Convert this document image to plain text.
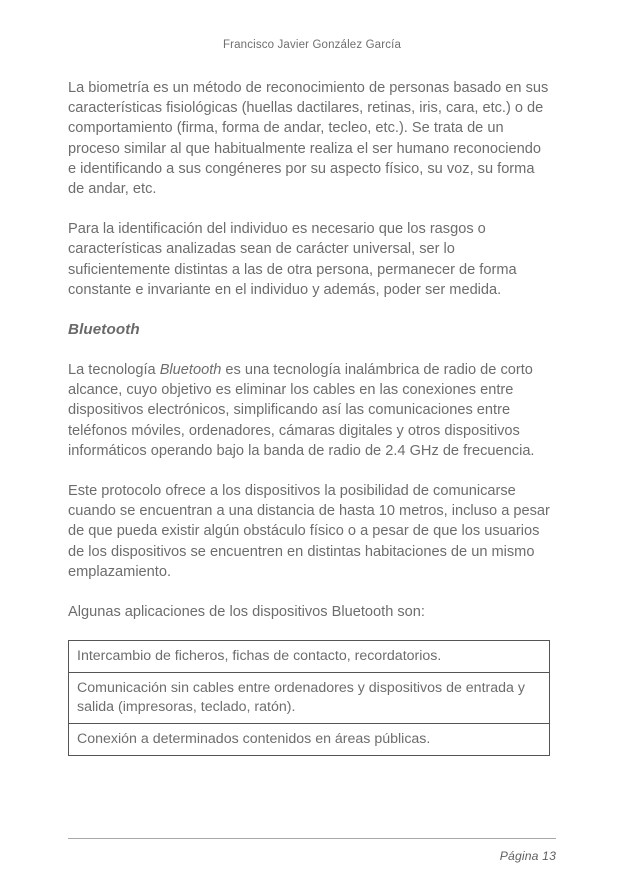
Francisco Javier González García

La biometría es un método de reconocimiento de personas basado en sus características fisiológicas (huellas dactilares, retinas, iris, cara, etc.) o de comportamiento (firma, forma de andar, tecleo, etc.). Se trata de un proceso similar al que habitualmente realiza el ser humano reconociendo e identificando a sus congéneres por su aspecto físico, su voz, su forma de andar, etc.

Para la identificación del individuo es necesario que los rasgos o características analizadas sean de carácter universal, ser lo suficientemente distintas a las de otra persona, permanecer de forma constante e invariante en el individuo y además, poder ser medida.

Bluetooth

La tecnología Bluetooth es una tecnología inalámbrica de radio de corto alcance, cuyo objetivo es eliminar los cables en las conexiones entre dispositivos electrónicos, simplificando así las comunicaciones entre teléfonos móviles, ordenadores, cámaras digitales y otros dispositivos informáticos operando bajo la banda de radio de 2.4 GHz de frecuencia.

Este protocolo ofrece a los dispositivos la posibilidad de comunicarse cuando se encuentran a una distancia de hasta 10 metros, incluso a pesar de que pueda existir algún obstáculo físico o a pesar de que los usuarios de los dispositivos se encuentren en distintas habitaciones de un mismo emplazamiento.

Algunas aplicaciones de los dispositivos Bluetooth son:

Intercambio de ficheros, fichas de contacto, recordatorios.
Comunicación sin cables entre ordenadores y dispositivos de entrada y salida (impresoras, teclado, ratón).
Conexión a determinados contenidos en áreas públicas.
Página 13
